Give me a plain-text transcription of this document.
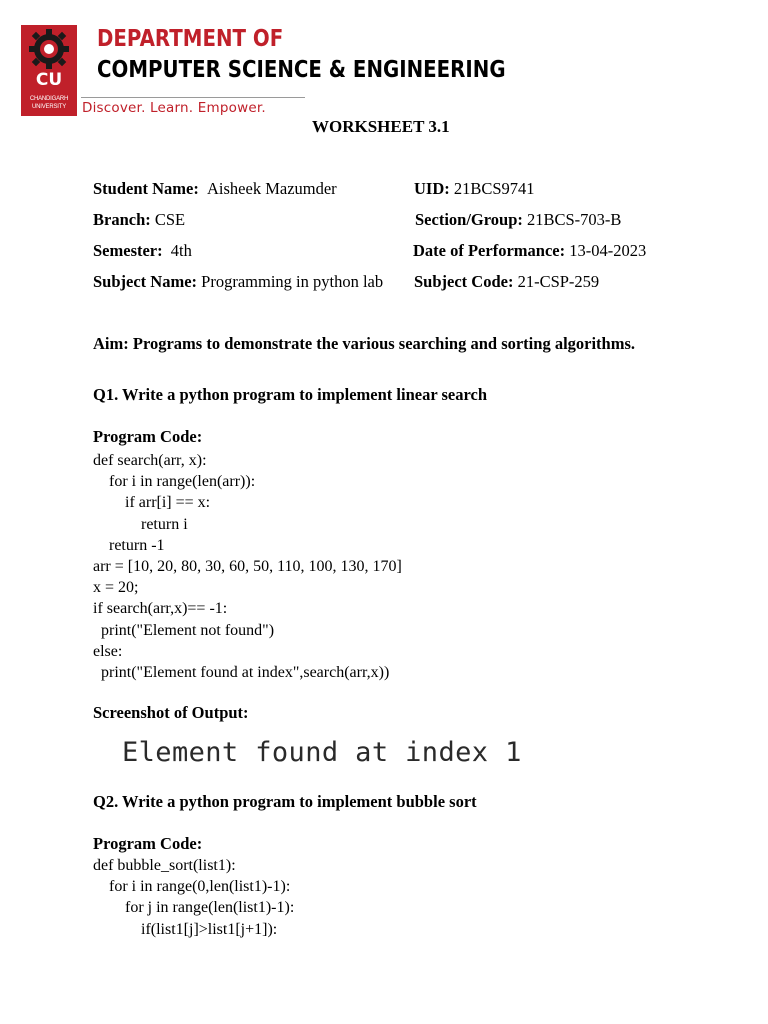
CU
CHANDIGARH
UNIVERSITY
DEPARTMENT OF
COMPUTER SCIENCE & ENGINEERING
Discover. Learn. Empower.
WORKSHEET 3.1
Student Name: Aisheek Mazumder	UID: 21BCS9741
Branch: CSE	Section/Group: 21BCS-703-B
Semester: 4th	Date of Performance: 13-04-2023
Subject Name: Programming in python lab Subject Code: 21-CSP-259
Aim: Programs to demonstrate the various searching and sorting algorithms.
Q1. Write a python program to implement linear search
Program Code:
def search(arr, x):
for i in range(len(arr)):
if arr[i] == x:
return i
return -1
arr = [10, 20, 80, 30, 60, 50, 110, 100, 130, 170]
x = 20;
if search(arr,x)== -1:
print("Element not found")
else:
print("Element found at index",search(arr,x))
Screenshot of Output:
Element found at index 1
Q2. Write a python program to implement bubble sort
Program Code:
def bubble_sort(list1):
for i in range(0,len(list1)-1):
for j in range(len(list1)-1):
if(list1[j]>list1[j+1]):
